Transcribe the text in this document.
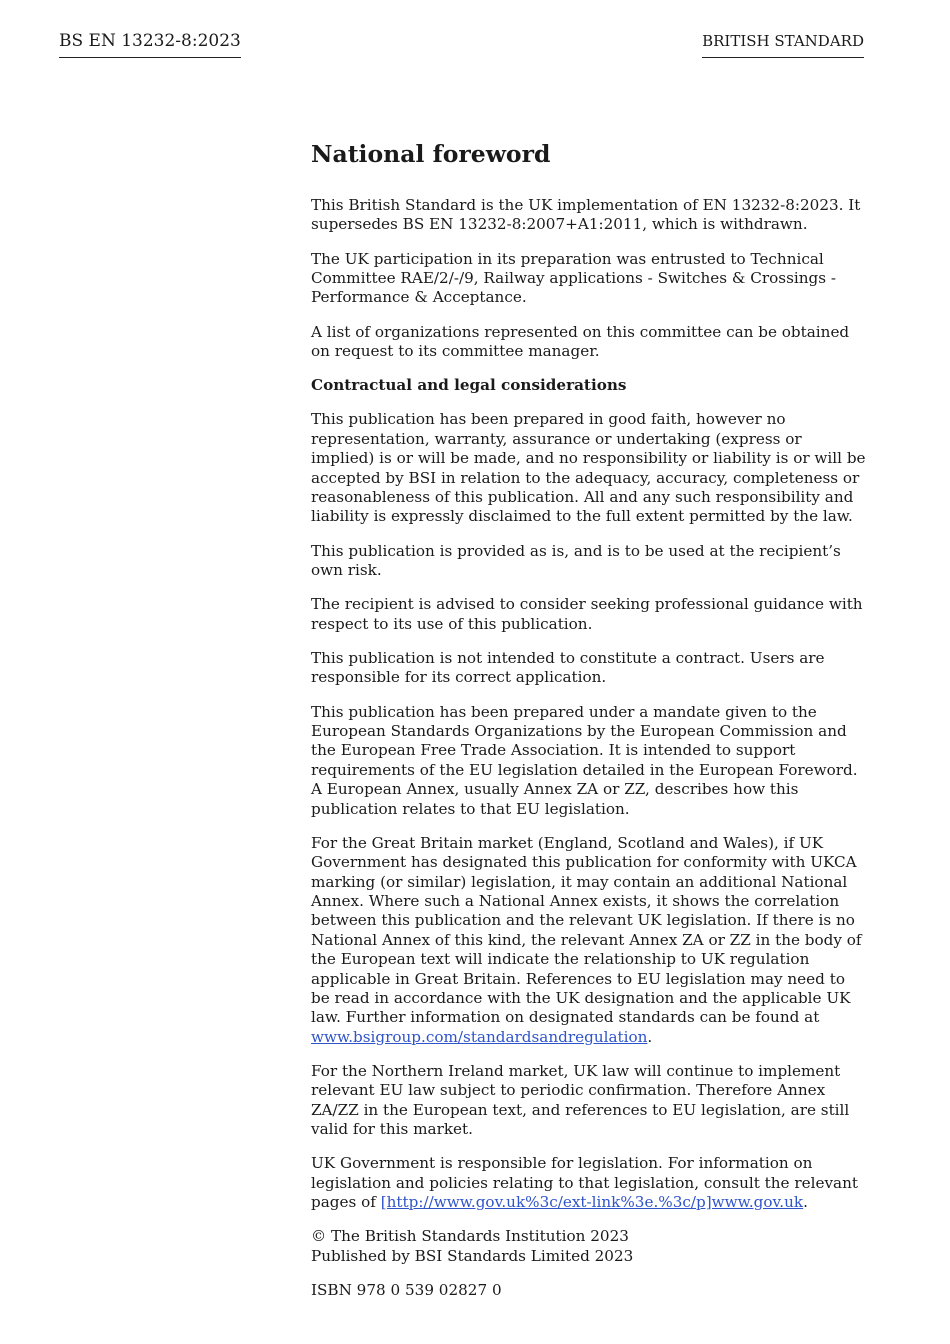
BS EN 13232-8:2023	BRITISH STANDARD
National foreword

This British Standard is the UK implementation of EN 13232-8:2023. It supersedes BS EN 13232-8:2007+A1:2011, which is withdrawn.

The UK participation in its preparation was entrusted to Technical Committee RAE/2/-/9, Railway applications - Switches & Crossings - Performance & Acceptance.

A list of organizations represented on this committee can be obtained on request to its committee manager.

Contractual and legal considerations

This publication has been prepared in good faith, however no representation, warranty, assurance or undertaking (express or implied) is or will be made, and no responsibility or liability is or will be accepted by BSI in relation to the adequacy, accuracy, completeness or reasonableness of this publication. All and any such responsibility and liability is expressly disclaimed to the full extent permitted by the law.

This publication is provided as is, and is to be used at the recipient’s own risk.

The recipient is advised to consider seeking professional guidance with respect to its use of this publication.

This publication is not intended to constitute a contract. Users are responsible for its correct application.

This publication has been prepared under a mandate given to the European Standards Organizations by the European Commission and the European Free Trade Association. It is intended to support requirements of the EU legislation detailed in the European Foreword. A European Annex, usually Annex ZA or ZZ, describes how this publication relates to that EU legislation.

For the Great Britain market (England, Scotland and Wales), if UK Government has designated this publication for conformity with UKCA marking (or similar) legislation, it may contain an additional National Annex. Where such a National Annex exists, it shows the correlation between this publication and the relevant UK legislation. If there is no National Annex of this kind, the relevant Annex ZA or ZZ in the body of the European text will indicate the relationship to UK regulation applicable in Great Britain. References to EU legislation may need to be read in accordance with the UK designation and the applicable UK law. Further information on designated standards can be found at www.bsigroup.com/standardsandregulation.

For the Northern Ireland market, UK law will continue to implement relevant EU law subject to periodic confirmation. Therefore Annex ZA/ZZ in the European text, and references to EU legislation, are still valid for this market.

UK Government is responsible for legislation. For information on legislation and policies relating to that legislation, consult the relevant pages of [http://www.gov.uk%3c/ext-link%3e.%3c/p]www.gov.uk.

© The British Standards Institution 2023
Published by BSI Standards Limited 2023

ISBN 978 0 539 02827 0
